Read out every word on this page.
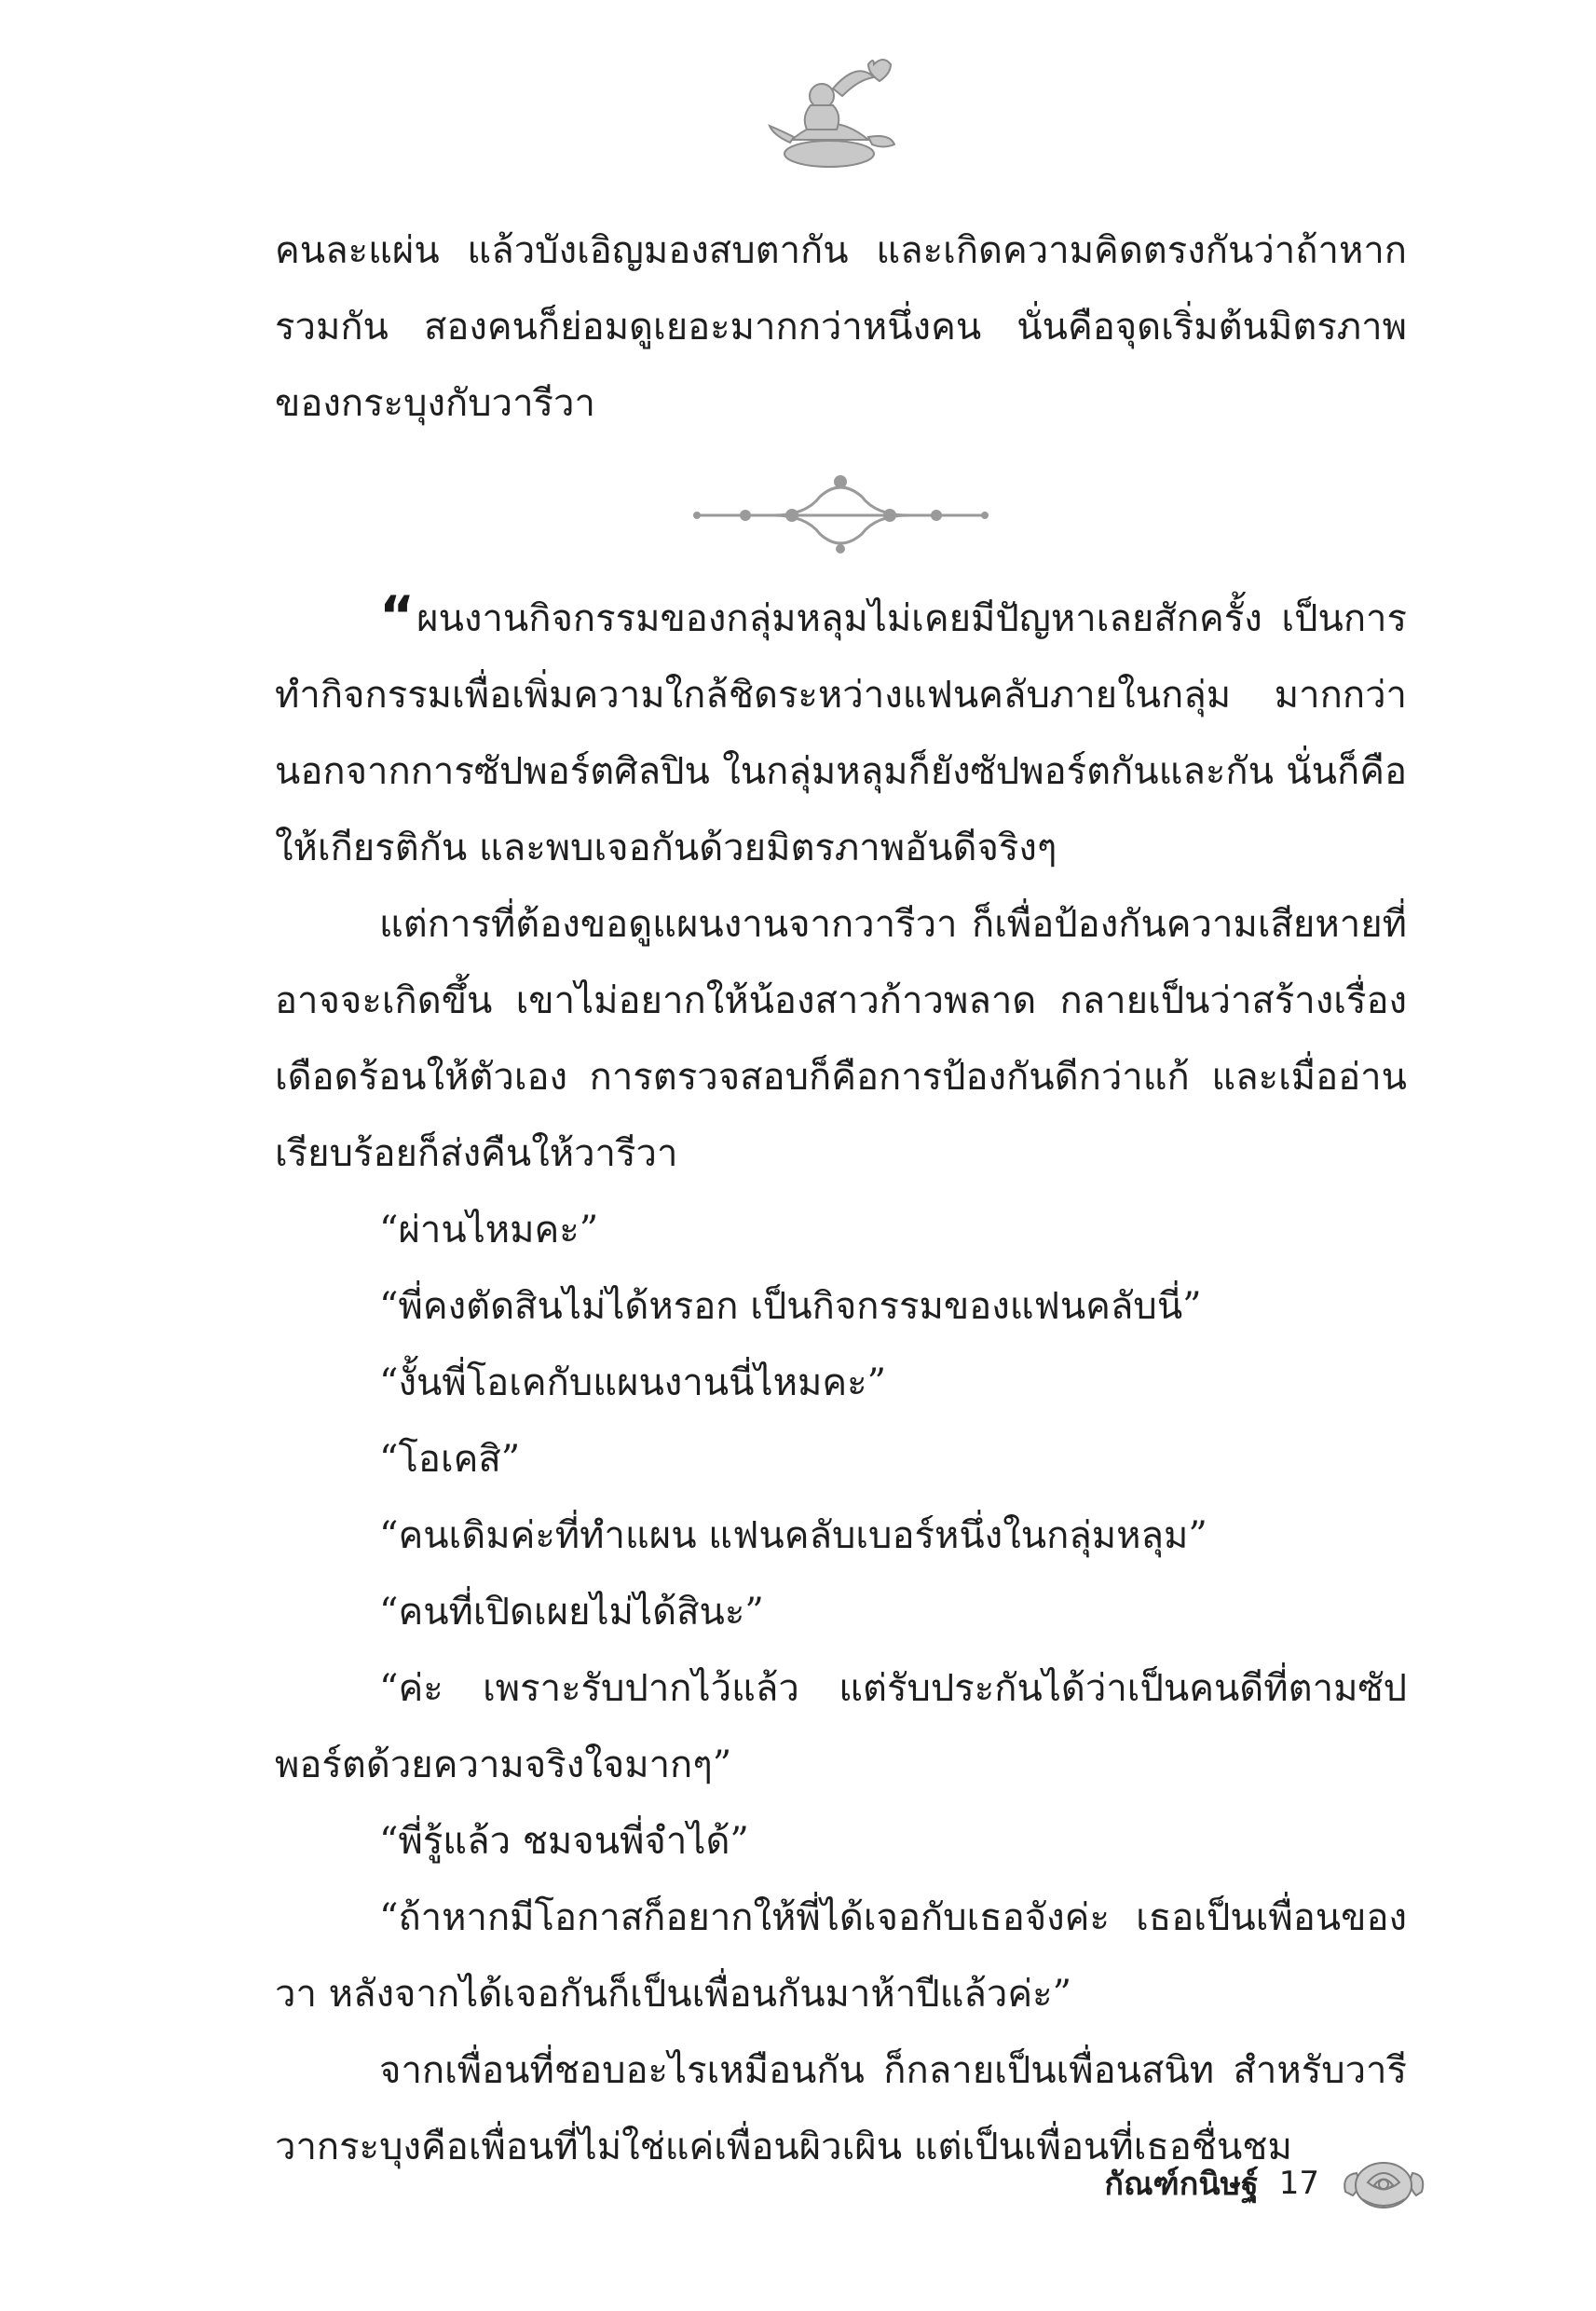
คนละแผ่น แล้วบังเอิญมองสบตากัน และเกิดความคิดตรงกันว่าถ้าหากรวมกัน สองคนก็ย่อมดูเยอะมากกว่าหนึ่งคน นั่นคือจุดเริ่มต้นมิตรภาพของกระบุงกับวารีวา

“ ผนงานกิจกรรมของกลุ่มหลุมไม่เคยมีปัญหาเลยสักครั้ง เป็นการทำกิจกรรมเพื่อเพิ่มความใกล้ชิดระหว่างแฟนคลับภายในกลุ่ม มากกว่า นอกจากการซัปพอร์ตศิลปิน ในกลุ่มหลุมก็ยังซัปพอร์ตกันและกัน นั่นก็คือให้เกียรติกัน และพบเจอกันด้วยมิตรภาพอันดีจริงๆ

แต่การที่ต้องขอดูแผนงานจากวารีวา ก็เพื่อป้องกันความเสียหายที่อาจจะเกิดขึ้น เขาไม่อยากให้น้องสาวก้าวพลาด กลายเป็นว่าสร้างเรื่องเดือดร้อนให้ตัวเอง การตรวจสอบก็คือการป้องกันดีกว่าแก้ และเมื่ออ่านเรียบร้อยก็ส่งคืนให้วารีวา

“ผ่านไหมคะ”

“พี่คงตัดสินไม่ได้หรอก เป็นกิจกรรมของแฟนคลับนี่”

“งั้นพี่โอเคกับแผนงานนี่ไหมคะ”

“โอเคสิ”

“คนเดิมค่ะที่ทำแผน แฟนคลับเบอร์หนึ่งในกลุ่มหลุม”

“คนที่เปิดเผยไม่ได้สินะ”

“ค่ะ เพราะรับปากไว้แล้ว แต่รับประกันได้ว่าเป็นคนดีที่ตามซัปพอร์ตด้วยความจริงใจมากๆ”

“พี่รู้แล้ว ชมจนพี่จำได้”

“ถ้าหากมีโอกาสก็อยากให้พี่ได้เจอกับเธอจังค่ะ เธอเป็นเพื่อนของวา หลังจากได้เจอกันก็เป็นเพื่อนกันมาห้าปีแล้วค่ะ”

จากเพื่อนที่ชอบอะไรเหมือนกัน ก็กลายเป็นเพื่อนสนิท สำหรับวารีวากระบุงคือเพื่อนที่ไม่ใช่แค่เพื่อนผิวเผิน แต่เป็นเพื่อนที่เธอชื่นชม

กัณฑ์กนิษฐ์ 17
